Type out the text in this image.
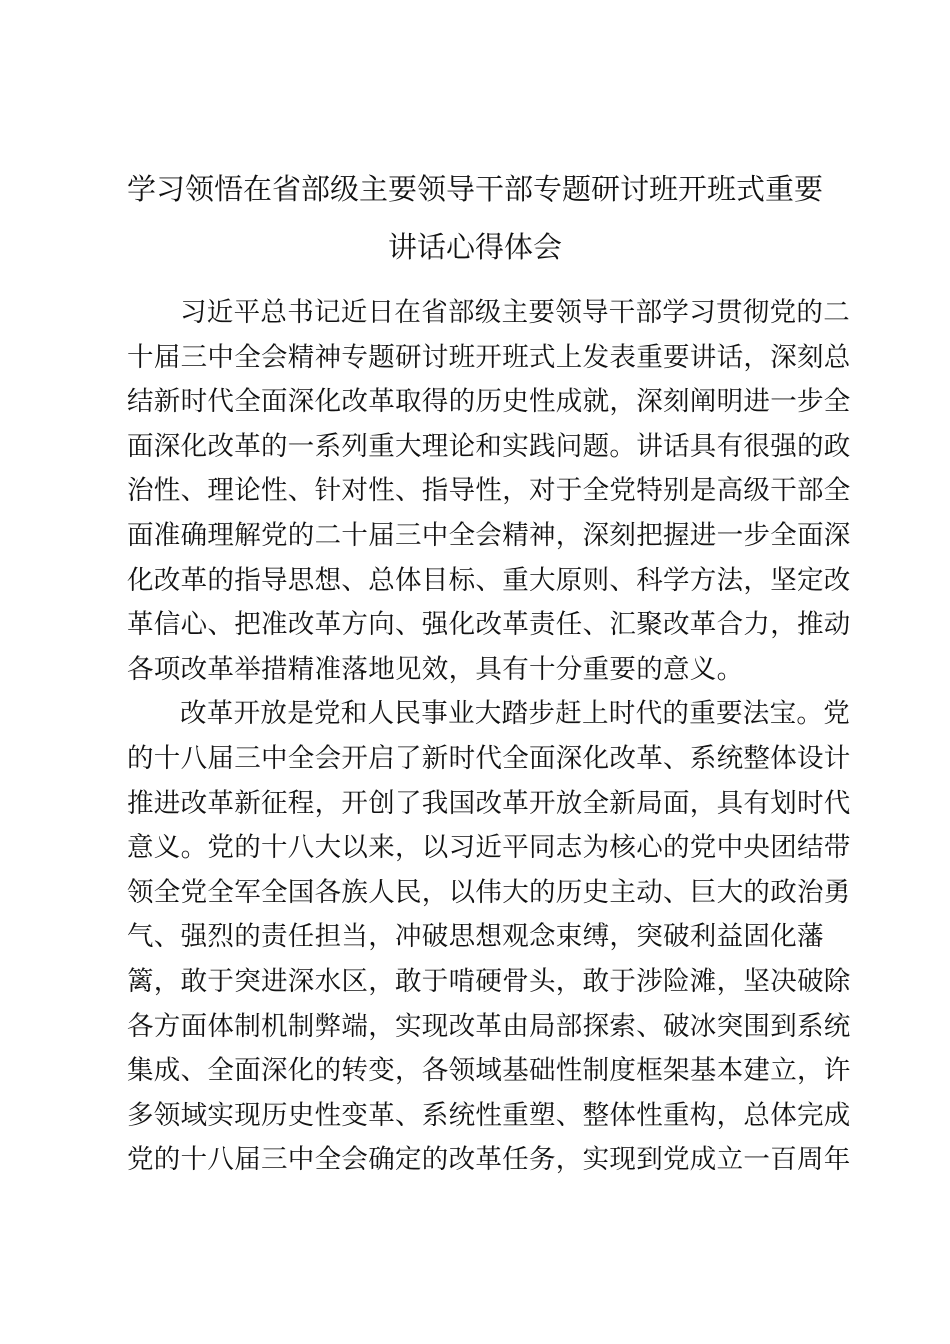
学习领悟在省部级主要领导干部专题研讨班开班式重要
讲话心得体会
习近平总书记近日在省部级主要领导干部学习贯彻党的二
十届三中全会精神专题研讨班开班式上发表重要讲话，深刻总
结新时代全面深化改革取得的历史性成就，深刻阐明进一步全
面深化改革的一系列重大理论和实践问题。讲话具有很强的政
治性、理论性、针对性、指导性，对于全党特别是高级干部全
面准确理解党的二十届三中全会精神，深刻把握进一步全面深
化改革的指导思想、总体目标、重大原则、科学方法，坚定改
革信心、把准改革方向、强化改革责任、汇聚改革合力，推动
各项改革举措精准落地见效，具有十分重要的意义。
改革开放是党和人民事业大踏步赶上时代的重要法宝。党
的十八届三中全会开启了新时代全面深化改革、系统整体设计
推进改革新征程，开创了我国改革开放全新局面，具有划时代
意义。党的十八大以来，以习近平同志为核心的党中央团结带
领全党全军全国各族人民，以伟大的历史主动、巨大的政治勇
气、强烈的责任担当，冲破思想观念束缚，突破利益固化藩
篱，敢于突进深水区，敢于啃硬骨头，敢于涉险滩，坚决破除
各方面体制机制弊端，实现改革由局部探索、破冰突围到系统
集成、全面深化的转变，各领域基础性制度框架基本建立，许
多领域实现历史性变革、系统性重塑、整体性重构，总体完成
党的十八届三中全会确定的改革任务，实现到党成立一百周年
